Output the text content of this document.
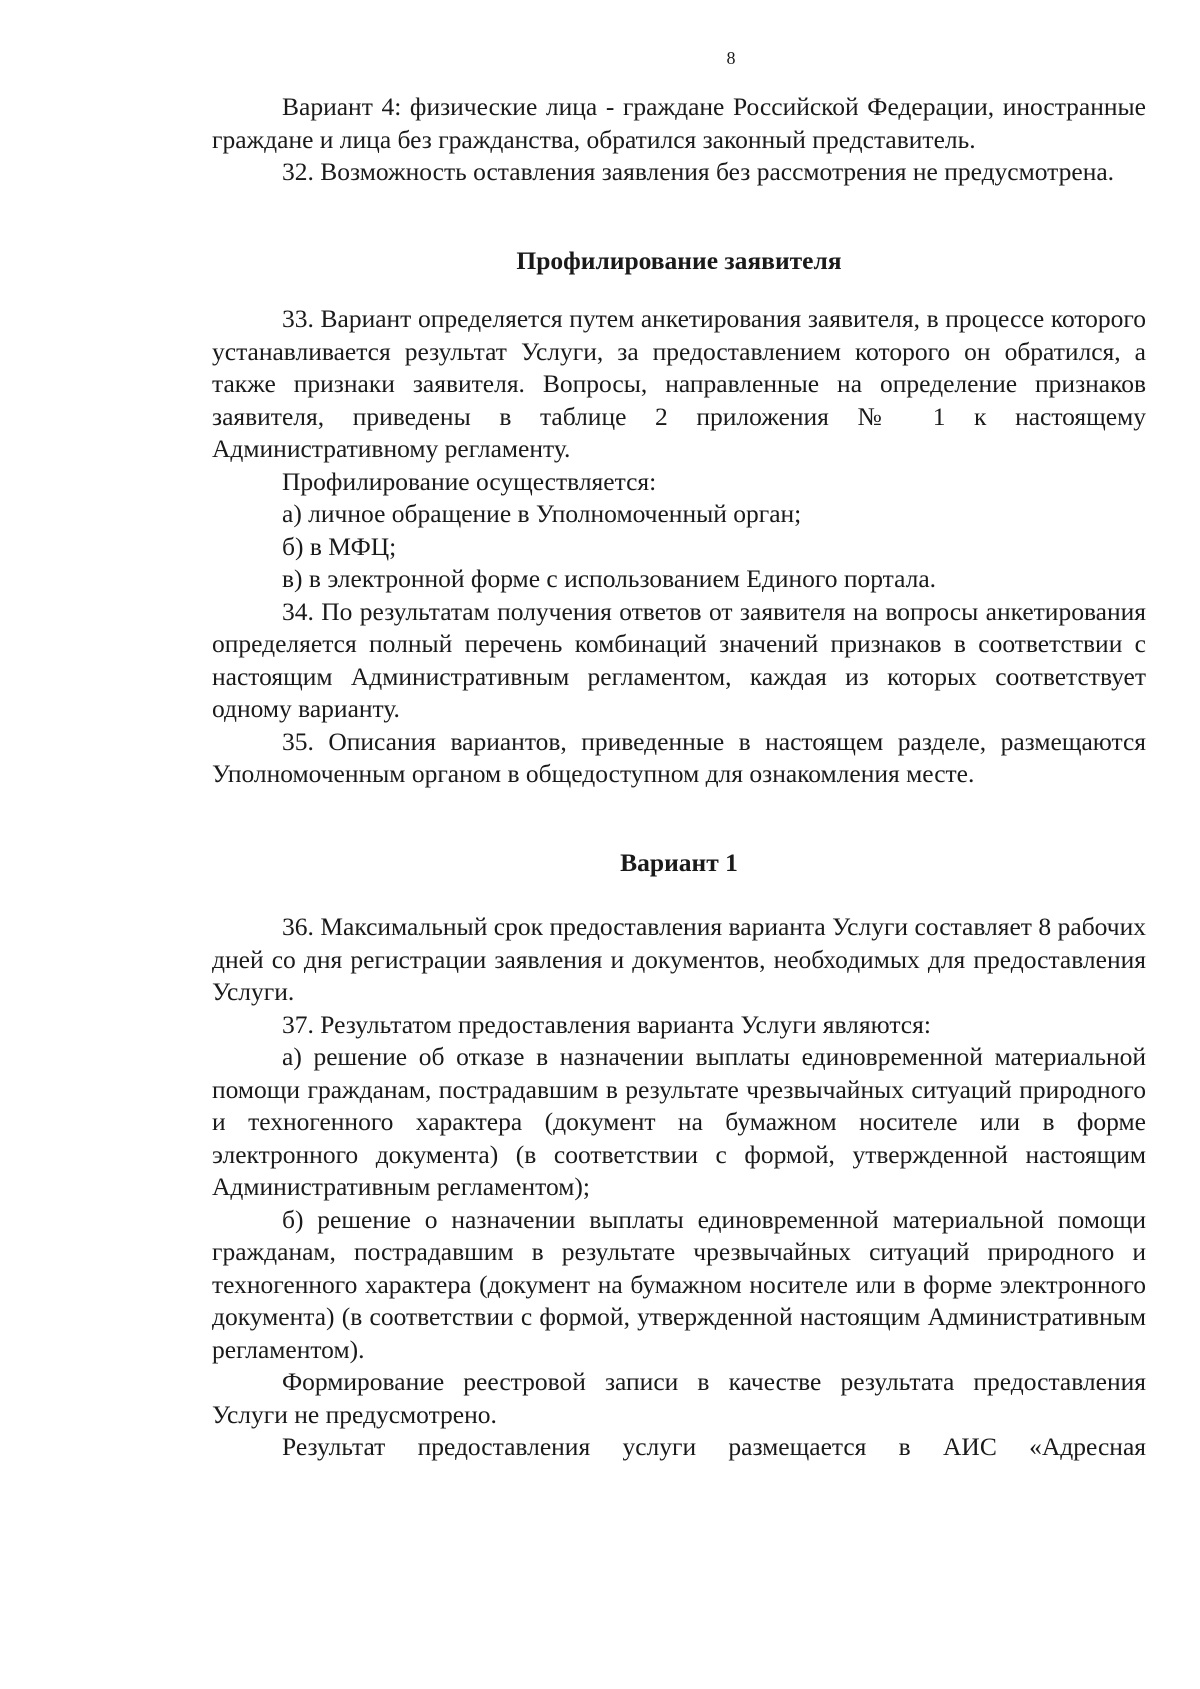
8

Вариант 4: физические лица - граждане Российской Федерации, иностранные граждане и лица без гражданства, обратился законный представитель.

32. Возможность оставления заявления без рассмотрения не предусмотрена.

Профилирование заявителя

33. Вариант определяется путем анкетирования заявителя, в процессе которого устанавливается результат Услуги, за предоставлением которого он обратился, а также признаки заявителя. Вопросы, направленные на определение признаков заявителя, приведены в таблице 2 приложения № 1 к настоящему Административному регламенту.

Профилирование осуществляется:

а) личное обращение в Уполномоченный орган;

б) в МФЦ;

в) в электронной форме с использованием Единого портала.

34. По результатам получения ответов от заявителя на вопросы анкетирования определяется полный перечень комбинаций значений признаков в соответствии с настоящим Административным регламентом, каждая из которых соответствует одному варианту.

35. Описания вариантов, приведенные в настоящем разделе, размещаются Уполномоченным органом в общедоступном для ознакомления месте.

Вариант 1

36. Максимальный срок предоставления варианта Услуги составляет 8 рабочих дней со дня регистрации заявления и документов, необходимых для предоставления Услуги.

37. Результатом предоставления варианта Услуги являются:

а) решение об отказе в назначении выплаты единовременной материальной помощи гражданам, пострадавшим в результате чрезвычайных ситуаций природного и техногенного характера (документ на бумажном носителе или в форме электронного документа) (в соответствии с формой, утвержденной настоящим Административным регламентом);

б) решение о назначении выплаты единовременной материальной помощи гражданам, пострадавшим в результате чрезвычайных ситуаций природного и техногенного характера (документ на бумажном носителе или в форме электронного документа) (в соответствии с формой, утвержденной настоящим Административным регламентом).

Формирование реестровой записи в качестве результата предоставления Услуги не предусмотрено.

Результат предоставления услуги размещается в АИС «Адресная
